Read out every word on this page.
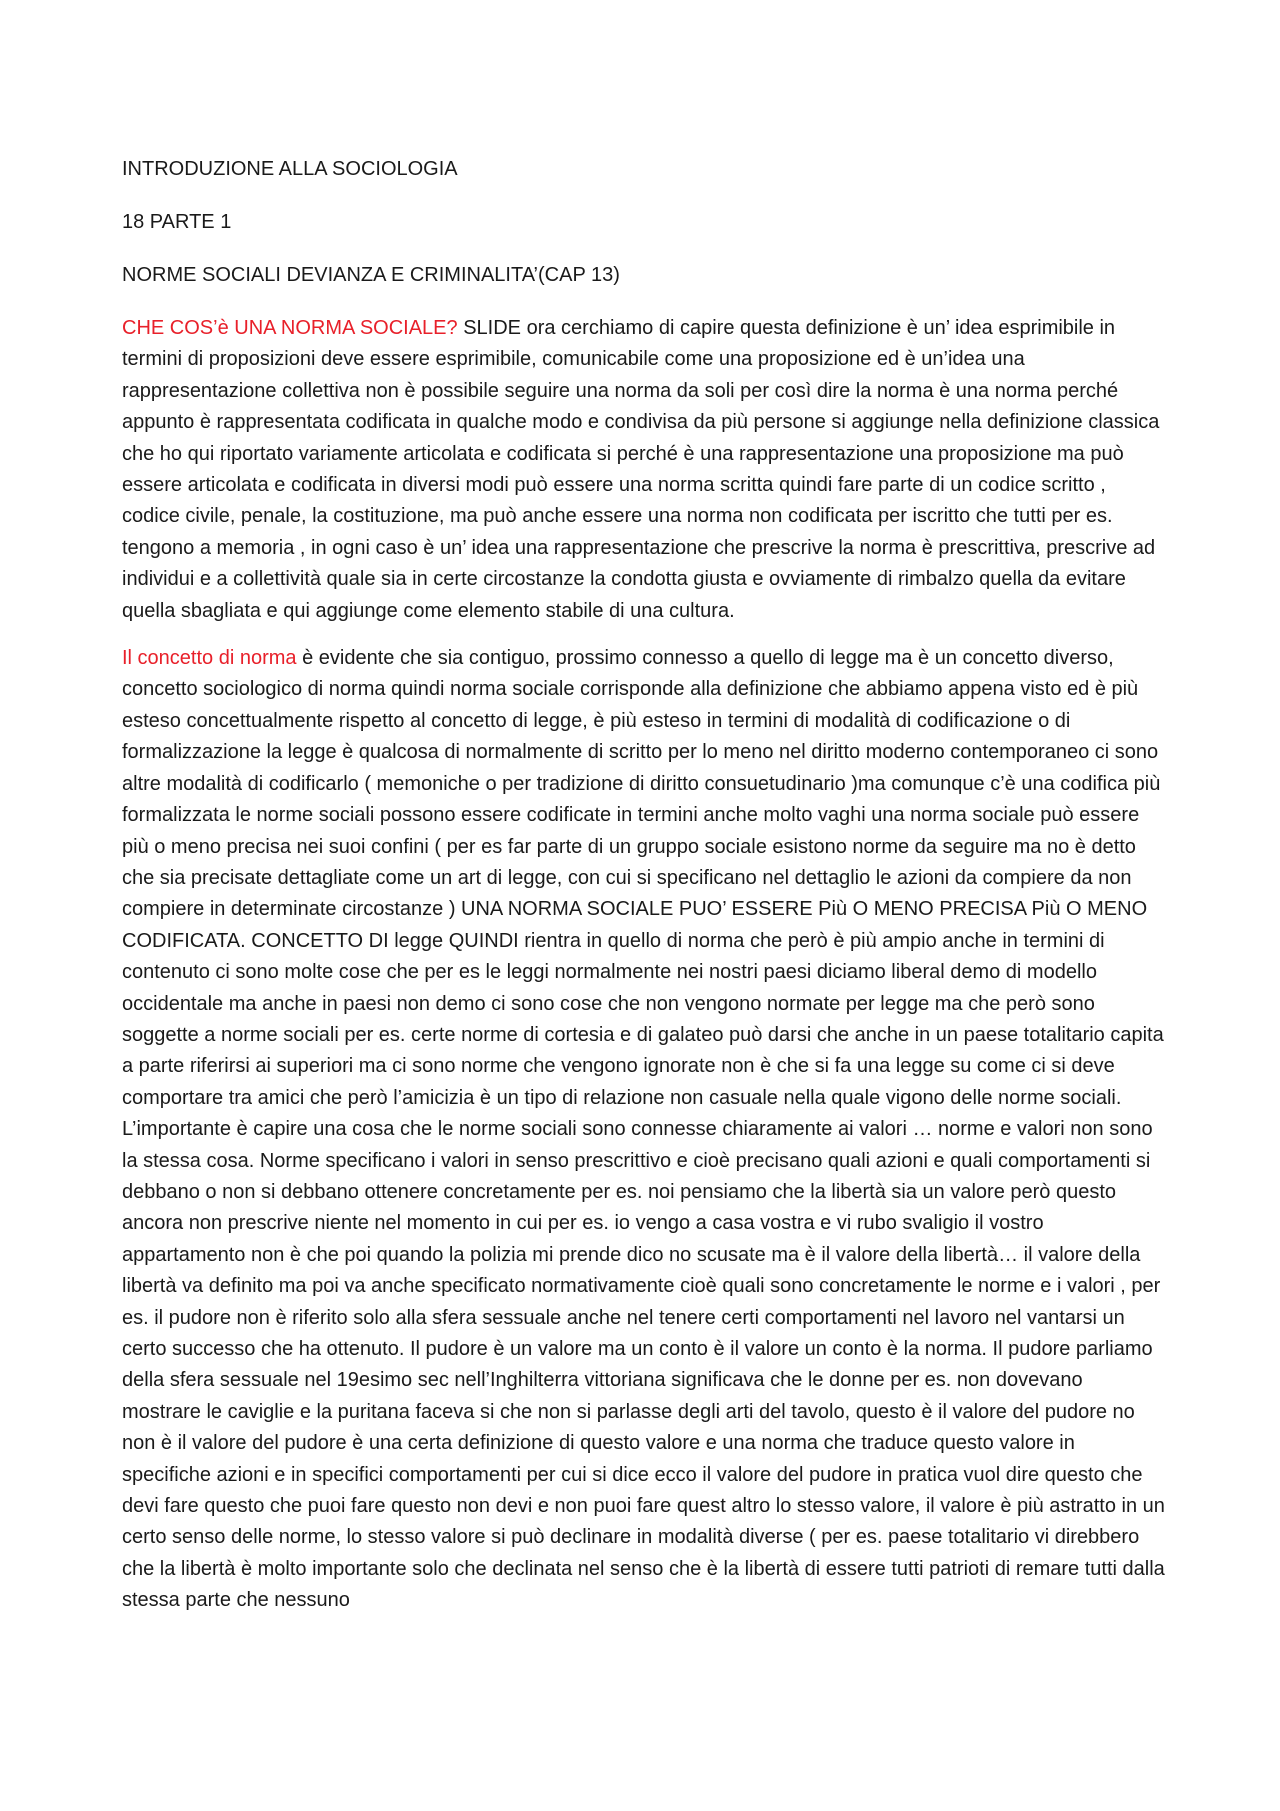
INTRODUZIONE ALLA SOCIOLOGIA
18 PARTE 1
NORME SOCIALI DEVIANZA E CRIMINALITA’(CAP 13)

CHE COS’è UNA NORMA SOCIALE? SLIDE ora cerchiamo di capire questa definizione è un’ idea esprimibile in termini di proposizioni deve essere esprimibile, comunicabile come una proposizione ed è un’idea una rappresentazione collettiva non è possibile seguire una norma da soli per così dire la norma è una norma perché appunto è rappresentata codificata in qualche modo e condivisa da più persone si aggiunge nella definizione classica che ho qui riportato variamente articolata e codificata si perché è una rappresentazione una proposizione ma può essere articolata e codificata in diversi modi può essere una norma scritta quindi fare parte di un codice scritto , codice civile, penale, la costituzione, ma può anche essere una norma non codificata per iscritto che tutti per es. tengono a memoria , in ogni caso è un’ idea una rappresentazione che prescrive la norma è prescrittiva, prescrive ad individui e a collettività quale sia in certe circostanze la condotta giusta e ovviamente di rimbalzo quella da evitare quella sbagliata e qui aggiunge come elemento stabile di una cultura.

Il concetto di norma è evidente che sia contiguo, prossimo connesso a quello di legge ma è un concetto diverso, concetto sociologico di norma quindi norma sociale corrisponde alla definizione che abbiamo appena visto ed è più esteso concettualmente rispetto al concetto di legge, è più esteso in termini di modalità di codificazione o di formalizzazione la legge è qualcosa di normalmente di scritto per lo meno nel diritto moderno contemporaneo ci sono altre modalità di codificarlo ( memoniche o per tradizione di diritto consuetudinario )ma comunque c’è una codifica più formalizzata le norme sociali possono essere codificate in termini anche molto vaghi una norma sociale può essere più o meno precisa nei suoi confini ( per es far parte di un gruppo sociale esistono norme da seguire ma no è detto che sia precisate dettagliate come un art di legge, con cui si specificano nel dettaglio le azioni da compiere da non compiere in determinate circostanze ) UNA NORMA SOCIALE PUO’ ESSERE Più O MENO PRECISA Più O MENO CODIFICATA. CONCETTO DI legge QUINDI rientra in quello di norma che però è più ampio anche in termini di contenuto ci sono molte cose che per es le leggi normalmente nei nostri paesi diciamo liberal demo di modello occidentale ma anche in paesi non demo ci sono cose che non vengono normate per legge ma che però sono soggette a norme sociali per es. certe norme di cortesia e di galateo può darsi che anche in un paese totalitario capita a parte riferirsi ai superiori ma ci sono norme che vengono ignorate non è che si fa una legge su come ci si deve comportare tra amici che però l’amicizia è un tipo di relazione non casuale nella quale vigono delle norme sociali. L’importante è capire una cosa che le norme sociali sono connesse chiaramente ai valori … norme e valori non sono la stessa cosa. Norme specificano i valori in senso prescrittivo e cioè precisano quali azioni e quali comportamenti si debbano o non si debbano ottenere concretamente per es. noi pensiamo che la libertà sia un valore però questo ancora non prescrive niente nel momento in cui per es. io vengo a casa vostra e vi rubo svaligio il vostro appartamento non è che poi quando la polizia mi prende dico no scusate ma è il valore della libertà… il valore della libertà va definito ma poi va anche specificato normativamente cioè quali sono concretamente le norme e i valori , per es. il pudore non è riferito solo alla sfera sessuale anche nel tenere certi comportamenti nel lavoro nel vantarsi un certo successo che ha ottenuto. Il pudore è un valore ma un conto è il valore un conto è la norma. Il pudore parliamo della sfera sessuale nel 19esimo sec nell’Inghilterra vittoriana significava che le donne per es. non dovevano mostrare le caviglie e la puritana faceva si che non si parlasse degli arti del tavolo, questo è il valore del pudore no non è il valore del pudore è una certa definizione di questo valore e una norma che traduce questo valore in specifiche azioni e in specifici comportamenti per cui si dice ecco il valore del pudore in pratica vuol dire questo che devi fare questo che puoi fare questo non devi e non puoi fare quest altro lo stesso valore, il valore è più astratto in un certo senso delle norme, lo stesso valore si può declinare in modalità diverse ( per es. paese totalitario vi direbbero che la libertà è molto importante solo che declinata nel senso che è la libertà di essere tutti patrioti di remare tutti dalla stessa parte che nessuno
